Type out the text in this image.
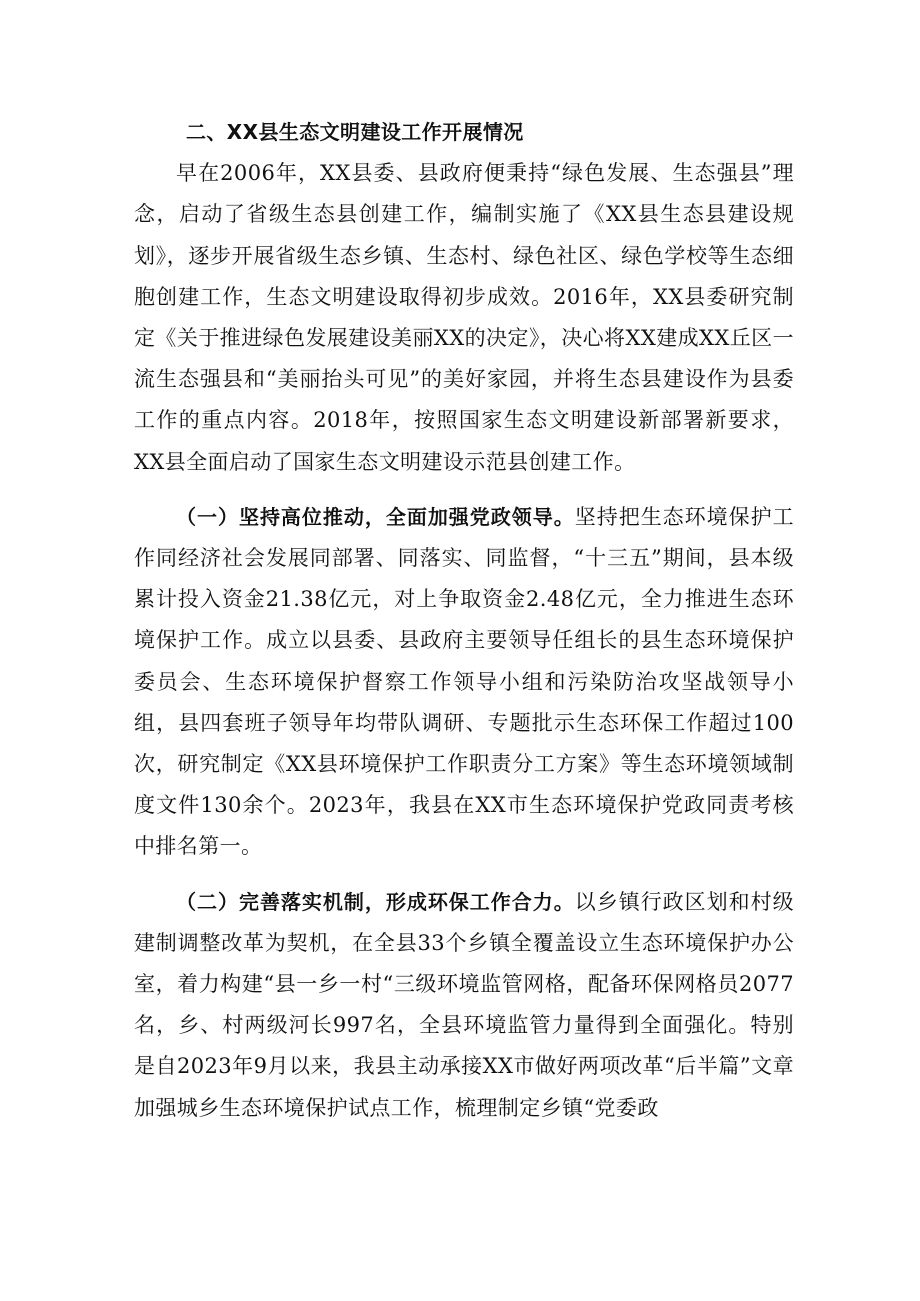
二、XX县生态文明建设工作开展情况

早在2006年，XX县委、县政府便秉持“绿色发展、生态强县”理念，启动了省级生态县创建工作，编制实施了《XX县生态县建设规划》，逐步开展省级生态乡镇、生态村、绿色社区、绿色学校等生态细胞创建工作，生态文明建设取得初步成效。2016年，XX县委研究制定《关于推进绿色发展建设美丽XX的决定》，决心将XX建成XX丘区一流生态强县和“美丽抬头可见”的美好家园，并将生态县建设作为县委工作的重点内容。2018年，按照国家生态文明建设新部署新要求，XX县全面启动了国家生态文明建设示范县创建工作。

（一）坚持高位推动，全面加强党政领导。坚持把生态环境保护工作同经济社会发展同部署、同落实、同监督，“十三五”期间，县本级累计投入资金21.38亿元，对上争取资金2.48亿元，全力推进生态环境保护工作。成立以县委、县政府主要领导任组长的县生态环境保护委员会、生态环境保护督察工作领导小组和污染防治攻坚战领导小组，县四套班子领导年均带队调研、专题批示生态环保工作超过100次，研究制定《XX县环境保护工作职责分工方案》等生态环境领域制度文件130余个。2023年，我县在XX市生态环境保护党政同责考核中排名第一。

（二）完善落实机制，形成环保工作合力。以乡镇行政区划和村级建制调整改革为契机，在全县33个乡镇全覆盖设立生态环境保护办公室，着力构建“县一乡一村“三级环境监管网格，配备环保网格员2077名，乡、村两级河长997名，全县环境监管力量得到全面强化。特别是自2023年9月以来，我县主动承接XX市做好两项改革“后半篇”文章加强城乡生态环境保护试点工作，梳理制定乡镇“党委政
